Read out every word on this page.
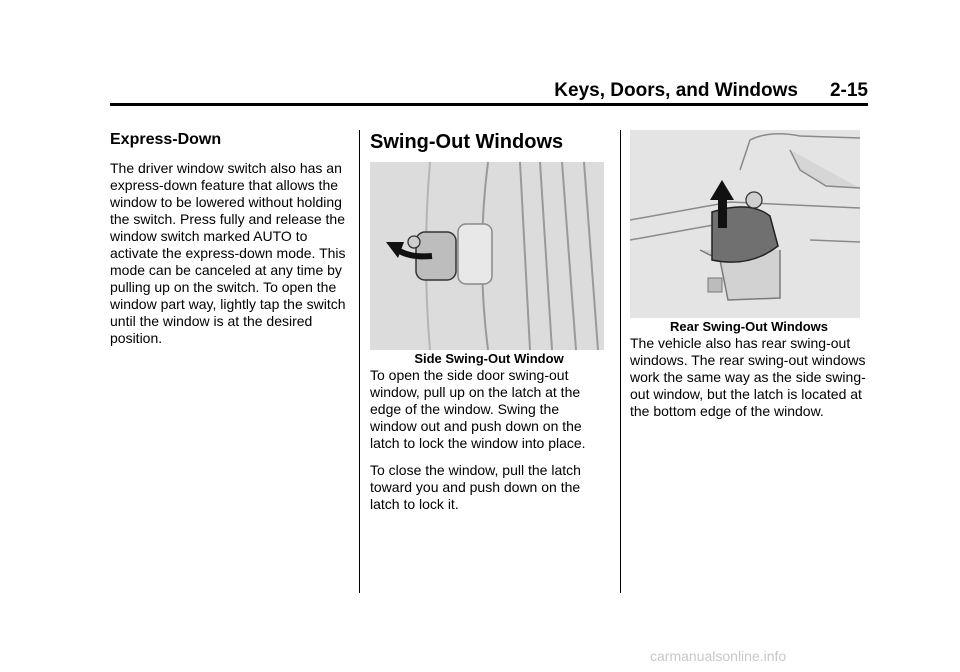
Keys, Doors, and Windows 2-15
Express-Down

The driver window switch also has an express-down feature that allows the window to be lowered without holding the switch. Press fully and release the window switch marked AUTO to activate the express-down mode. This mode can be canceled at any time by pulling up on the switch. To open the window part way, lightly tap the switch until the window is at the desired position.

Swing-Out Windows

Side Swing-Out Window

To open the side door swing-out window, pull up on the latch at the edge of the window. Swing the window out and push down on the latch to lock the window into place.

To close the window, pull the latch toward you and push down on the latch to lock it.

Rear Swing-Out Windows

The vehicle also has rear swing-out windows. The rear swing-out windows work the same way as the side swing-out window, but the latch is located at the bottom edge of the window.

carmanualsonline.info
